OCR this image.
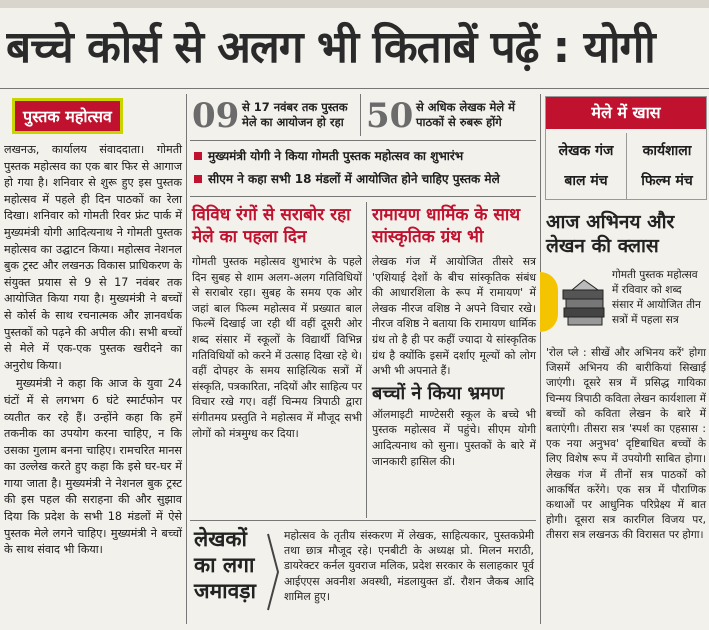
बच्चे कोर्स से अलग भी किताबें पढ़ें : योगी
पुस्तक महोत्सव

लखनऊ, कार्यालय संवाददाता। गोमती पुस्तक महोत्सव का एक बार फिर से आगाज हो गया है। शनिवार से शुरू हुए इस पुस्तक महोत्सव में पहले ही दिन पाठकों का रेला दिखा। शनिवार को गोमती रिवर फ्रंट पार्क में मुख्यमंत्री योगी आदित्यनाथ ने गोमती पुस्तक महोत्सव का उद्घाटन किया। महोत्सव नेशनल बुक ट्रस्ट और लखनऊ विकास प्राधिकरण के संयुक्त प्रयास से 9 से 17 नवंबर तक आयोजित किया गया है। मुख्यमंत्री ने बच्चों से कोर्स के साथ रचनात्मक और ज्ञानवर्धक पुस्तकों को पढ़ने की अपील की। सभी बच्चों से मेले में एक-एक पुस्तक खरीदने का अनुरोध किया।

मुख्यमंत्री ने कहा कि आज के युवा 24 घंटों में से लगभग 6 घंटे स्मार्टफोन पर व्यतीत कर रहे हैं। उन्होंने कहा कि हमें तकनीक का उपयोग करना चाहिए, न कि उसका गुलाम बनना चाहिए। रामचरित मानस का उल्लेख करते हुए कहा कि इसे घर-घर में गाया जाता है। मुख्यमंत्री ने नेशनल बुक ट्रस्ट की इस पहल की सराहना की और सुझाव दिया कि प्रदेश के सभी 18 मंडलों में ऐसे पुस्तक मेले लगने चाहिए। मुख्यमंत्री ने बच्चों के साथ संवाद भी किया।

09 से 17 नवंबर तक पुस्तक मेले का आयोजन हो रहा 50 से अधिक लेखक मेले में पाठकों से रुबरू होंगे
मुख्यमंत्री योगी ने किया गोमती पुस्तक महोत्सव का शुभारंभ
सीएम ने कहा सभी 18 मंडलों में आयोजित होने चाहिए पुस्तक मेले
विविध रंगों से सराबोर रहा मेले का पहला दिन
गोमती पुस्तक महोत्सव शुभारंभ के पहले दिन सुबह से शाम अलग-अलग गतिविधियों से सराबोर रहा। सुबह के समय एक ओर जहां बाल फिल्म महोत्सव में प्रख्यात बाल फिल्में दिखाई जा रही थीं वहीं दूसरी ओर शब्द संसार में स्कूलों के विद्यार्थी विभिन्न गतिविधियों को करने में उत्साह दिखा रहे थे। वहीं दोपहर के समय साहित्यिक सत्रों में संस्कृति, पत्रकारिता, नदियों और साहित्य पर विचार रखे गए। वहीं चिन्मय त्रिपाठी द्वारा संगीतमय प्रस्तुति ने महोत्सव में मौजूद सभी लोगों को मंत्रमुग्ध कर दिया।
रामायण धार्मिक के साथ सांस्कृतिक ग्रंथ भी
लेखक गंज में आयोजित तीसरे सत्र 'एशियाई देशों के बीच सांस्कृतिक संबंध की आधारशिला के रूप में रामायण' में लेखक नीरज वशिष्ठ ने अपने विचार रखे। नीरज वशिष्ठ ने बताया कि रामायण धार्मिक ग्रंथ तो है ही पर कहीं ज्यादा ये सांस्कृतिक ग्रंथ है क्योंकि इसमें दर्शाए मूल्यों को लोग अभी भी अपनाते हैं।
बच्चों ने किया भ्रमण
ऑलमाइटी माण्टेसरी स्कूल के बच्चे भी पुस्तक महोत्सव में पहुंचे। सीएम योगी आदित्यनाथ को सुना। पुस्तकों के बारे में जानकारी हासिल की।
मेले में खास
लेखक गंज	कार्यशाला
बाल मंच	फिल्म मंच
आज अभिनय और लेखन की क्लास
गोमती पुस्तक महोत्सव में रविवार को शब्द संसार में आयोजित तीन सत्रों में पहला सत्र
'रोल प्ले : सीखें और अभिनय करें' होगा जिसमें अभिनय की बारीकियां सिखाई जाएंगी। दूसरे सत्र में प्रसिद्ध गायिका चिन्मय त्रिपाठी कविता लेखन कार्यशाला में बच्चों को कविता लेखन के बारे में बताएंगी। तीसरा सत्र 'स्पर्श का एहसास : एक नया अनुभव' दृष्टिबाधित बच्चों के लिए विशेष रूप में उपयोगी साबित होगा। लेखक गंज में तीनों सत्र पाठकों को आकर्षित करेंगे। एक सत्र में पौराणिक कथाओं पर आधुनिक परिप्रेक्ष्य में बात होगी। दूसरा सत्र कारगिल विजय पर, तीसरा सत्र लखनऊ की विरासत पर होगा।
लेखकों का लगा जमावड़ा
महोत्सव के तृतीय संस्करण में लेखक, साहित्यकार, पुस्तकप्रेमी तथा छात्र मौजूद रहे। एनबीटी के अध्यक्ष प्रो. मिलन मराठी, डायरेक्टर कर्नल युवराज मलिक, प्रदेश सरकार के सलाहकार पूर्व आईएएस अवनीश अवस्थी, मंडलायुक्त डॉ. रौशन जैकब आदि शामिल हुए।
